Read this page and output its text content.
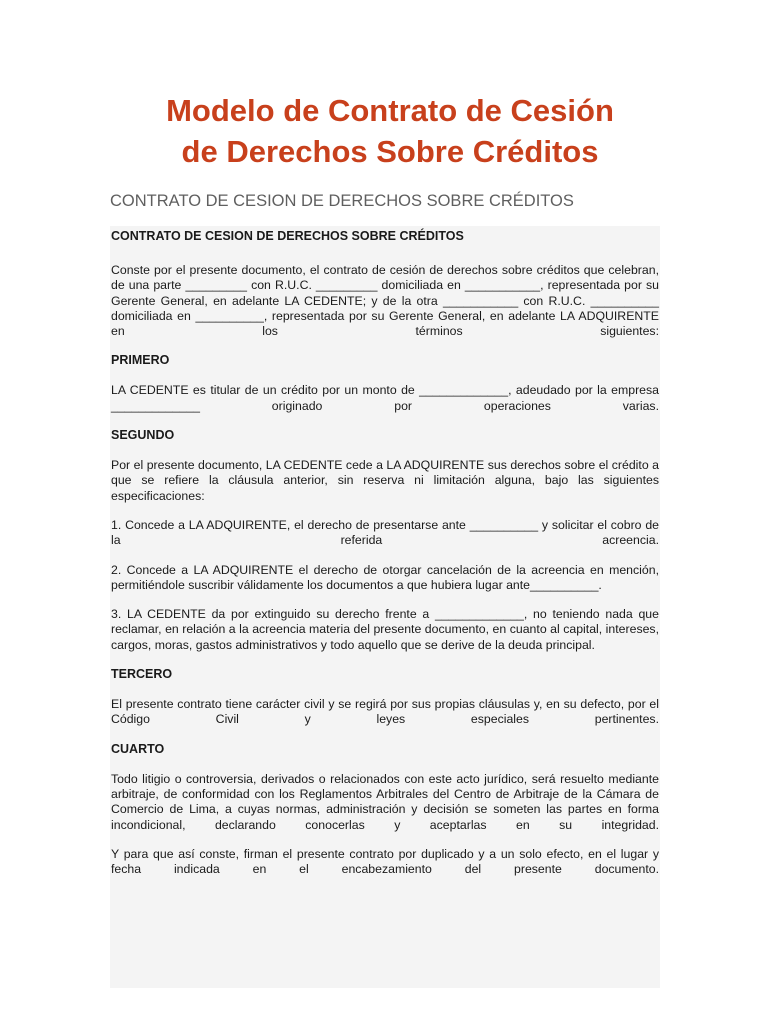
Modelo de Contrato de Cesión
de Derechos Sobre Créditos
CONTRATO DE CESION DE DERECHOS SOBRE CRÉDITOS

CONTRATO DE CESION DE DERECHOS SOBRE CRÉDITOS

Conste por el presente documento, el contrato de cesión de derechos sobre créditos que celebran, de una parte _________ con R.U.C. _________ domiciliada en ___________, representada por su Gerente General, en adelante LA CEDENTE; y de la otra ___________ con R.U.C. __________ domiciliada en __________, representada por su Gerente General, en adelante LA ADQUIRENTE en los términos siguientes:

PRIMERO

LA CEDENTE es titular de un crédito por un monto de _____________, adeudado por la empresa _____________ originado por operaciones varias.

SEGUNDO

Por el presente documento, LA CEDENTE cede a LA ADQUIRENTE sus derechos sobre el crédito a que se refiere la cláusula anterior, sin reserva ni limitación alguna, bajo las siguientes especificaciones:

1. Concede a LA ADQUIRENTE, el derecho de presentarse ante __________ y solicitar el cobro de la referida acreencia.

2. Concede a LA ADQUIRENTE el derecho de otorgar cancelación de la acreencia en mención, permitiéndole suscribir válidamente los documentos a que hubiera lugar ante__________.

3. LA CEDENTE da por extinguido su derecho frente a _____________, no teniendo nada que reclamar, en relación a la acreencia materia del presente documento, en cuanto al capital, intereses, cargos, moras, gastos administrativos y todo aquello que se derive de la deuda principal.

TERCERO

El presente contrato tiene carácter civil y se regirá por sus propias cláusulas y, en su defecto, por el Código Civil y leyes especiales pertinentes.

CUARTO

Todo litigio o controversia, derivados o relacionados con este acto jurídico, será resuelto mediante arbitraje, de conformidad con los Reglamentos Arbitrales del Centro de Arbitraje de la Cámara de Comercio de Lima, a cuyas normas, administración y decisión se someten las partes en forma incondicional, declarando conocerlas y aceptarlas en su integridad.

Y para que así conste, firman el presente contrato por duplicado y a un solo efecto, en el lugar y fecha indicada en el encabezamiento del presente documento.
